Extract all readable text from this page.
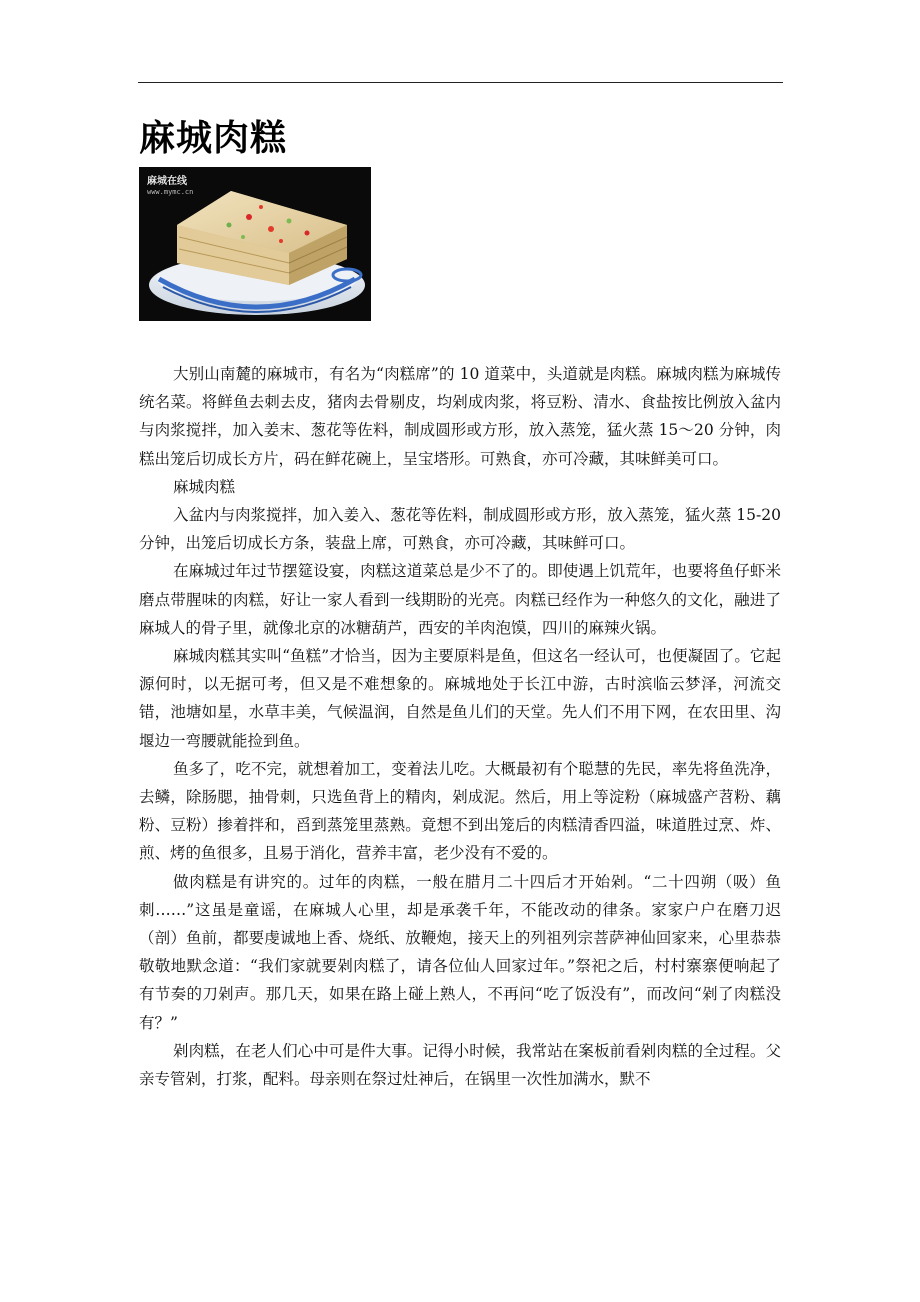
麻城肉糕
麻城在线
www.mymc.cn

大别山南麓的麻城市，有名为“肉糕席”的 10 道菜中，头道就是肉糕。麻城肉糕为麻城传统名菜。将鲜鱼去刺去皮，猪肉去骨剔皮，均剁成肉浆，将豆粉、清水、食盐按比例放入盆内与肉浆搅拌，加入姜末、葱花等佐料，制成圆形或方形，放入蒸笼，猛火蒸 15～20 分钟，肉糕出笼后切成长方片，码在鲜花碗上，呈宝塔形。可熟食，亦可冷藏，其味鲜美可口。

麻城肉糕

入盆内与肉浆搅拌，加入姜入、葱花等佐料，制成圆形或方形，放入蒸笼，猛火蒸 15-20 分钟，出笼后切成长方条，装盘上席，可熟食，亦可冷藏，其味鲜可口。

在麻城过年过节摆筵设宴，肉糕这道菜总是少不了的。即使遇上饥荒年，也要将鱼仔虾米磨点带腥味的肉糕，好让一家人看到一线期盼的光亮。肉糕已经作为一种悠久的文化，融进了麻城人的骨子里，就像北京的冰糖葫芦，西安的羊肉泡馍，四川的麻辣火锅。

麻城肉糕其实叫“鱼糕”才恰当，因为主要原料是鱼，但这名一经认可，也便凝固了。它起源何时，以无据可考，但又是不难想象的。麻城地处于长江中游，古时滨临云梦泽，河流交错，池塘如星，水草丰美，气候温润，自然是鱼儿们的天堂。先人们不用下网，在农田里、沟堰边一弯腰就能捡到鱼。

鱼多了，吃不完，就想着加工，变着法儿吃。大概最初有个聪慧的先民，率先将鱼洗净，去鳞，除肠腮，抽骨刺，只选鱼背上的精肉，剁成泥。然后，用上等淀粉（麻城盛产苕粉、藕粉、豆粉）掺着拌和，舀到蒸笼里蒸熟。竟想不到出笼后的肉糕清香四溢，味道胜过烹、炸、煎、烤的鱼很多，且易于消化，营养丰富，老少没有不爱的。

做肉糕是有讲究的。过年的肉糕，一般在腊月二十四后才开始剁。“二十四朔（吸）鱼刺……”这虽是童谣，在麻城人心里，却是承袭千年，不能改动的律条。家家户户在磨刀迟（剖）鱼前，都要虔诚地上香、烧纸、放鞭炮，接天上的列祖列宗菩萨神仙回家来，心里恭恭敬敬地默念道：“我们家就要剁肉糕了，请各位仙人回家过年。”祭祀之后，村村寨寨便响起了有节奏的刀剁声。那几天，如果在路上碰上熟人，不再问“吃了饭没有”，而改问“剁了肉糕没有？”

剁肉糕，在老人们心中可是件大事。记得小时候，我常站在案板前看剁肉糕的全过程。父亲专管剁，打浆，配料。母亲则在祭过灶神后，在锅里一次性加满水，默不
